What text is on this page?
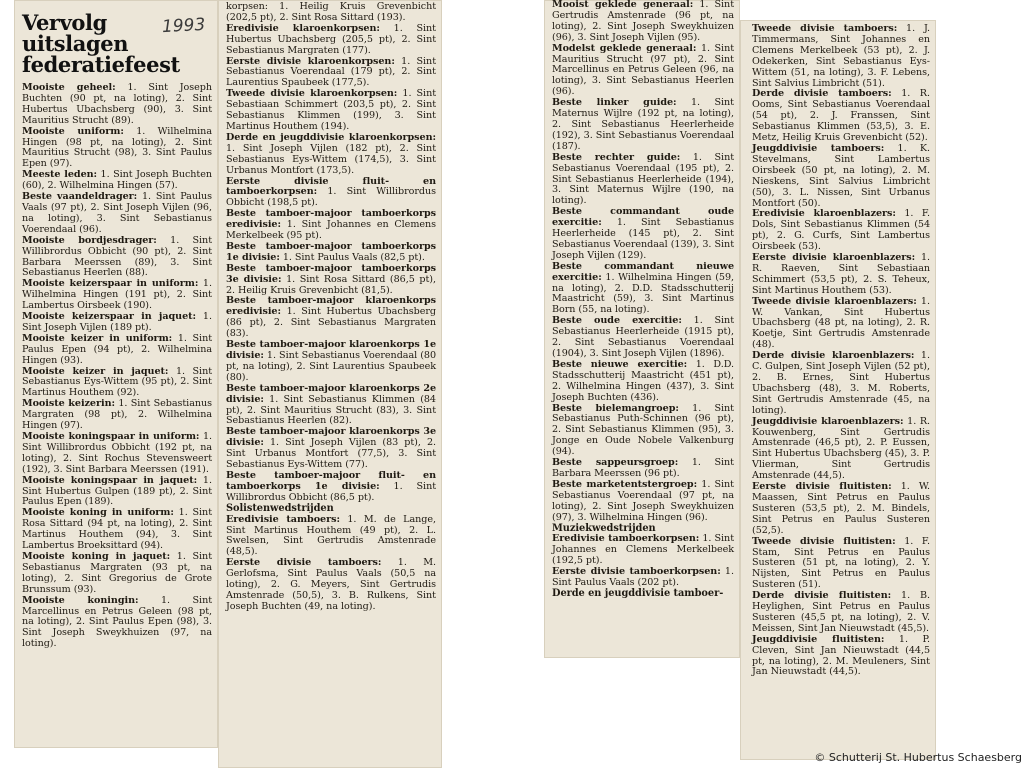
Vervolg uitslagen federatiefeest

Mooiste geheel: 1. Sint Joseph Buchten (90 pt, na loting), 2. Sint Hubertus Ubachsberg (90), 3. Sint Mauritius Strucht (89).

Mooiste uniform: 1. Wilhelmina Hingen (98 pt, na loting), 2. Sint Mauritius Strucht (98), 3. Sint Paulus Epen (97).

Meeste leden: 1. Sint Joseph Buchten (60), 2. Wilhelmina Hingen (57).

Beste vaandeldrager: 1. Sint Paulus Vaals (97 pt), 2. Sint Joseph Vijlen (96, na loting), 3. Sint Sebastianus Voerendaal (96).

Mooiste bordjesdrager: 1. Sint Willibrordus Obbicht (90 pt), 2. Sint Barbara Meerssen (89), 3. Sint Sebastianus Heerlen (88).

Mooiste keizerspaar in uniform: 1. Wilhelmina Hingen (191 pt), 2. Sint Lambertus Oirsbeek (190).

Mooiste keizerspaar in jaquet: 1. Sint Joseph Vijlen (189 pt).

Mooiste keizer in uniform: 1. Sint Paulus Epen (94 pt), 2. Wilhelmina Hingen (93).

Mooiste keizer in jaquet: 1. Sint Sebastianus Eys-Wittem (95 pt), 2. Sint Martinus Houthem (92).

Mooiste keizerin: 1. Sint Sebastianus Margraten (98 pt), 2. Wilhelmina Hingen (97).

Mooiste koningspaar in uniform: 1. Sint Willibrordus Obbicht (192 pt, na loting), 2. Sint Rochus Stevensweert (192), 3. Sint Barbara Meerssen (191).

Mooiste koningspaar in jaquet: 1. Sint Hubertus Gulpen (189 pt), 2. Sint Paulus Epen (189).

Mooiste koning in uniform: 1. Sint Rosa Sittard (94 pt, na loting), 2. Sint Martinus Houthem (94), 3. Sint Lambertus Broeksittard (94).

Mooiste koning in jaquet: 1. Sint Sebastianus Margraten (93 pt, na loting), 2. Sint Gregorius de Grote Brunssum (93).

Mooiste koningin: 1. Sint Marcellinus en Petrus Geleen (98 pt, na loting), 2. Sint Paulus Epen (98), 3. Sint Joseph Sweykhuizen (97, na loting).

1993

korpsen: 1. Heilig Kruis Grevenbicht (202,5 pt), 2. Sint Rosa Sittard (193).

Eredivisie klaroenkorpsen: 1. Sint Hubertus Ubachsberg (205,5 pt), 2. Sint Sebastianus Margraten (177).

Eerste divisie klaroenkorpsen: 1. Sint Sebastianus Voerendaal (179 pt), 2. Sint Laurentius Spaubeek (177,5).

Tweede divisie klaroenkorpsen: 1. Sint Sebastiaan Schimmert (203,5 pt), 2. Sint Sebastianus Klimmen (199), 3. Sint Martinus Houthem (194).

Derde en jeugddivisie klaroenkorpsen: 1. Sint Joseph Vijlen (182 pt), 2. Sint Sebastianus Eys-Wittem (174,5), 3. Sint Urbanus Montfort (173,5).

Eerste divisie fluit- en tamboerkorpsen: 1. Sint Willibrordus Obbicht (198,5 pt).

Beste tamboer-majoor tamboerkorps eredivisie: 1. Sint Johannes en Clemens Merkelbeek (95 pt).

Beste tamboer-majoor tamboerkorps 1e divisie: 1. Sint Paulus Vaals (82,5 pt).

Beste tamboer-majoor tamboerkorps 3e divisie: 1. Sint Rosa Sittard (86,5 pt), 2. Heilig Kruis Grevenbicht (81,5).

Beste tamboer-majoor klaroenkorps eredivisie: 1. Sint Hubertus Ubachsberg (86 pt), 2. Sint Sebastianus Margraten (83).

Beste tamboer-majoor klaroenkorps 1e divisie: 1. Sint Sebastianus Voerendaal (80 pt, na loting), 2. Sint Laurentius Spaubeek (80).

Beste tamboer-majoor klaroenkorps 2e divisie: 1. Sint Sebastianus Klimmen (84 pt), 2. Sint Mauritius Strucht (83), 3. Sint Sebastianus Heerlen (82).

Beste tamboer-majoor klaroenkorps 3e divisie: 1. Sint Joseph Vijlen (83 pt), 2. Sint Urbanus Montfort (77,5), 3. Sint Sebastianus Eys-Wittem (77).

Beste tamboer-majoor fluit- en tamboerkorps 1e divisie: 1. Sint Willibrordus Obbicht (86,5 pt).

Solistenwedstrijden

Eredivisie tamboers: 1. M. de Lange, Sint Martinus Houthem (49 pt), 2. L. Swelsen, Sint Gertrudis Amstenrade (48,5).

Eerste divisie tamboers: 1. M. Gerlofsma, Sint Paulus Vaals (50,5 na loting), 2. G. Meyers, Sint Gertrudis Amstenrade (50,5), 3. B. Rulkens, Sint Joseph Buchten (49, na loting).

Mooist geklede generaal: 1. Sint Gertrudis Amstenrade (96 pt, na loting), 2. Sint Joseph Sweykhuizen (96), 3. Sint Joseph Vijlen (95).

Modelst geklede generaal: 1. Sint Mauritius Strucht (97 pt), 2. Sint Marcellinus en Petrus Geleen (96, na loting), 3. Sint Sebastianus Heerlen (96).

Beste linker guide: 1. Sint Maternus Wijlre (192 pt, na loting), 2. Sint Sebastianus Heerlerheide (192), 3. Sint Sebastianus Voerendaal (187).

Beste rechter guide: 1. Sint Sebastianus Voerendaal (195 pt), 2. Sint Sebastianus Heerlerheide (194), 3. Sint Maternus Wijlre (190, na loting).

Beste commandant oude exercitie: 1. Sint Sebastianus Heerlerheide (145 pt), 2. Sint Sebastianus Voerendaal (139), 3. Sint Joseph Vijlen (129).

Beste commandant nieuwe exercitie: 1. Wilhelmina Hingen (59, na loting), 2. D.D. Stadsschutterij Maastricht (59), 3. Sint Martinus Born (55, na loting).

Beste oude exercitie: 1. Sint Sebastianus Heerlerheide (1915 pt), 2. Sint Sebastianus Voerendaal (1904), 3. Sint Joseph Vijlen (1896).

Beste nieuwe exercitie: 1. D.D. Stadsschutterij Maastricht (451 pt), 2. Wilhelmina Hingen (437), 3. Sint Joseph Buchten (436).

Beste bielemangroep: 1. Sint Sebastianus Puth-Schinnen (96 pt), 2. Sint Sebastianus Klimmen (95), 3. Jonge en Oude Nobele Valkenburg (94).

Beste sappeursgroep: 1. Sint Barbara Meerssen (96 pt).

Beste marketentstergroep: 1. Sint Sebastianus Voerendaal (97 pt, na loting), 2. Sint Joseph Sweykhuizen (97), 3. Wilhelmina Hingen (96).

Muziekwedstrijden

Eredivisie tamboerkorpsen: 1. Sint Johannes en Clemens Merkelbeek (192,5 pt).

Eerste divisie tamboerkorpsen: 1. Sint Paulus Vaals (202 pt).

Derde en jeugddivisie tamboer-

Tweede divisie tamboers: 1. J. Timmermans, Sint Johannes en Clemens Merkelbeek (53 pt), 2. J. Odekerken, Sint Sebastianus Eys-Wittem (51, na loting), 3. F. Lebens, Sint Salvius Limbricht (51).

Derde divisie tamboers: 1. R. Ooms, Sint Sebastianus Voerendaal (54 pt), 2. J. Franssen, Sint Sebastianus Klimmen (53,5), 3. E. Metz, Heilig Kruis Grevenbicht (52).

Jeugddivisie tamboers: 1. K. Stevelmans, Sint Lambertus Oirsbeek (50 pt, na loting), 2. M. Nieskens, Sint Salvius Limbricht (50), 3. L. Nissen, Sint Urbanus Montfort (50).

Eredivisie klaroenblazers: 1. F. Dols, Sint Sebastianus Klimmen (54 pt), 2. G. Curfs, Sint Lambertus Oirsbeek (53).

Eerste divisie klaroenblazers: 1. R. Raeven, Sint Sebastiaan Schimmert (53,5 pt), 2. S. Teheux, Sint Martinus Houthem (53).

Tweede divisie klaroenblazers: 1. W. Vankan, Sint Hubertus Ubachsberg (48 pt, na loting), 2. R. Koetje, Sint Gertrudis Amstenrade (48).

Derde divisie klaroenblazers: 1. C. Gulpen, Sint Joseph Vijlen (52 pt), 2. B. Ernes, Sint Hubertus Ubachsberg (48), 3. M. Roberts, Sint Gertrudis Amstenrade (45, na loting).

Jeugddivisie klaroenblazers: 1. R. Kouwenberg, Sint Gertrudis Amstenrade (46,5 pt), 2. P. Eussen, Sint Hubertus Ubachsberg (45), 3. P. Vlierman, Sint Gertrudis Amstenrade (44,5).

Eerste divisie fluitisten: 1. W. Maassen, Sint Petrus en Paulus Susteren (53,5 pt), 2. M. Bindels, Sint Petrus en Paulus Susteren (52,5).

Tweede divisie fluitisten: 1. F. Stam, Sint Petrus en Paulus Susteren (51 pt, na loting), 2. Y. Nijsten, Sint Petrus en Paulus Susteren (51).

Derde divisie fluitisten: 1. B. Heylighen, Sint Petrus en Paulus Susteren (45,5 pt, na loting), 2. V. Meissen, Sint Jan Nieuwstadt (45,5).

Jeugddivisie fluitisten: 1. P. Cleven, Sint Jan Nieuwstadt (44,5 pt, na loting), 2. M. Meuleners, Sint Jan Nieuwstadt (44,5).

© Schutterij St. Hubertus Schaesberg
